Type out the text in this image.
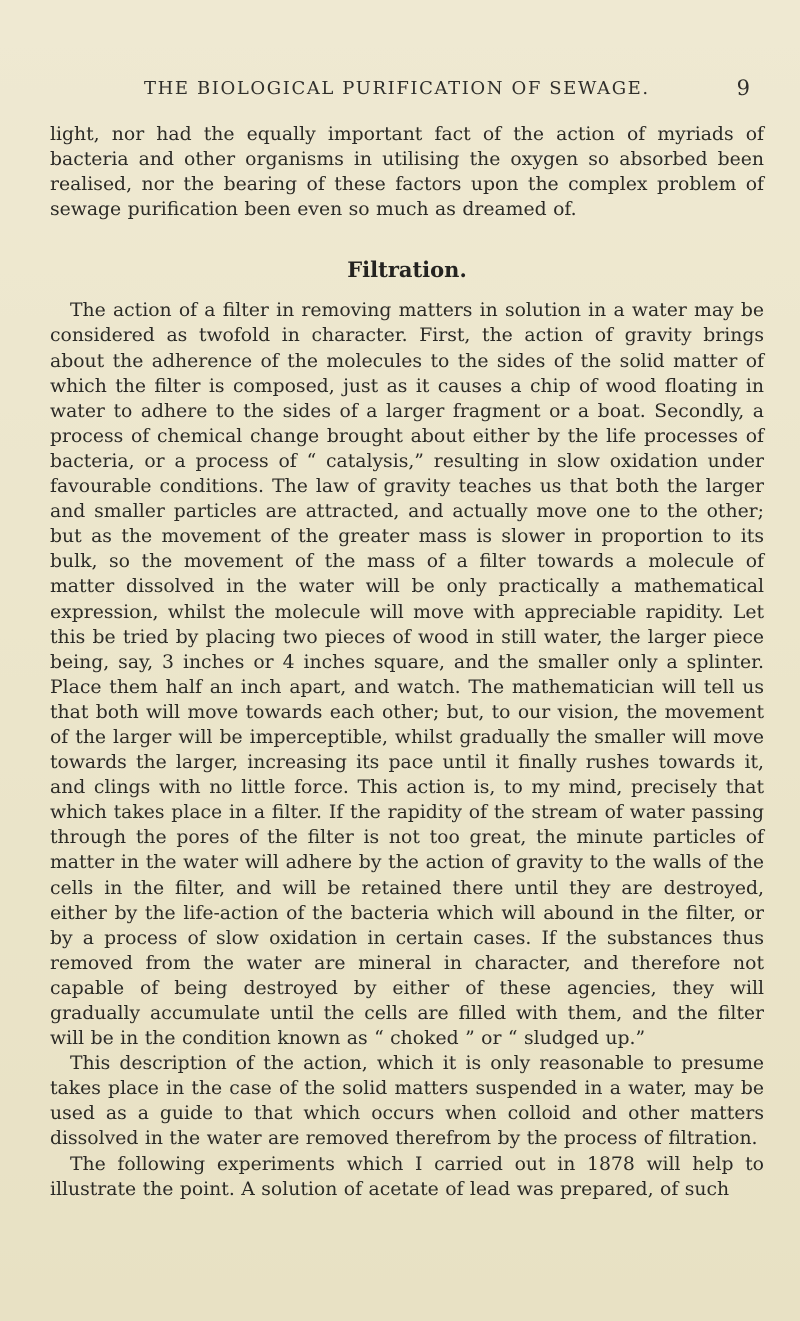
THE BIOLOGICAL PURIFICATION OF SEWAGE.	9

light, nor had the equally important fact of the action of myriads of bacteria and other organisms in utilising the oxygen so absorbed been realised, nor the bearing of these factors upon the complex problem of sewage purification been even so much as dreamed of.

Filtration.

The action of a filter in removing matters in solution in a water may be considered as twofold in character. First, the action of gravity brings about the adherence of the molecules to the sides of the solid matter of which the filter is composed, just as it causes a chip of wood floating in water to adhere to the sides of a larger fragment or a boat. Secondly, a process of chemical change brought about either by the life processes of bacteria, or a process of “ catalysis,” resulting in slow oxidation under favourable conditions. The law of gravity teaches us that both the larger and smaller particles are attracted, and actually move one to the other; but as the movement of the greater mass is slower in proportion to its bulk, so the movement of the mass of a filter towards a molecule of matter dissolved in the water will be only practically a mathematical expression, whilst the molecule will move with appreciable rapidity. Let this be tried by placing two pieces of wood in still water, the larger piece being, say, 3 inches or 4 inches square, and the smaller only a splinter. Place them half an inch apart, and watch. The mathematician will tell us that both will move towards each other; but, to our vision, the movement of the larger will be imperceptible, whilst gradually the smaller will move towards the larger, increasing its pace until it finally rushes towards it, and clings with no little force. This action is, to my mind, precisely that which takes place in a filter. If the rapidity of the stream of water passing through the pores of the filter is not too great, the minute particles of matter in the water will adhere by the action of gravity to the walls of the cells in the filter, and will be retained there until they are destroyed, either by the life-action of the bacteria which will abound in the filter, or by a process of slow oxidation in certain cases. If the substances thus removed from the water are mineral in character, and therefore not capable of being destroyed by either of these agencies, they will gradually accumulate until the cells are filled with them, and the filter will be in the condition known as “ choked ” or “ sludged up.”

This description of the action, which it is only reasonable to presume takes place in the case of the solid matters suspended in a water, may be used as a guide to that which occurs when colloid and other matters dissolved in the water are removed therefrom by the process of filtration.

The following experiments which I carried out in 1878 will help to illustrate the point. A solution of acetate of lead was prepared, of such
